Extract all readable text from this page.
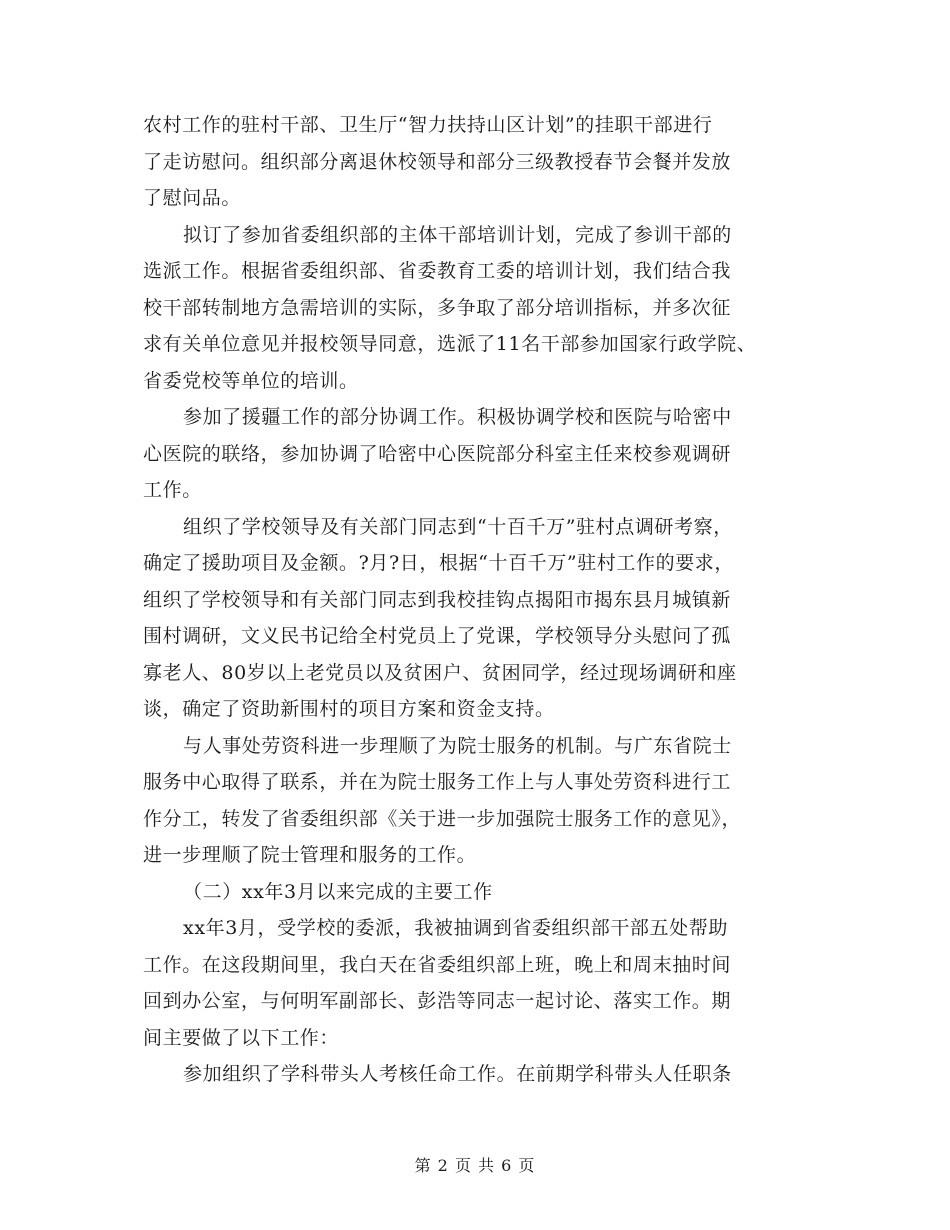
农村工作的驻村干部、卫生厅“智力扶持山区计划”的挂职干部进行
了走访慰问。组织部分离退休校领导和部分三级教授春节会餐并发放
了慰问品。
拟订了参加省委组织部的主体干部培训计划，完成了参训干部的
选派工作。根据省委组织部、省委教育工委的培训计划，我们结合我
校干部转制地方急需培训的实际，多争取了部分培训指标，并多次征
求有关单位意见并报校领导同意，选派了11名干部参加国家行政学院、
省委党校等单位的培训。
参加了援疆工作的部分协调工作。积极协调学校和医院与哈密中
心医院的联络，参加协调了哈密中心医院部分科室主任来校参观调研
工作。
组织了学校领导及有关部门同志到“十百千万”驻村点调研考察，
确定了援助项目及金额。?月?日，根据“十百千万”驻村工作的要求，
组织了学校领导和有关部门同志到我校挂钩点揭阳市揭东县月城镇新
围村调研，文义民书记给全村党员上了党课，学校领导分头慰问了孤
寡老人、80岁以上老党员以及贫困户、贫困同学，经过现场调研和座
谈，确定了资助新围村的项目方案和资金支持。
与人事处劳资科进一步理顺了为院士服务的机制。与广东省院士
服务中心取得了联系，并在为院士服务工作上与人事处劳资科进行工
作分工，转发了省委组织部《关于进一步加强院士服务工作的意见》，
进一步理顺了院士管理和服务的工作。
（二）xx年3月以来完成的主要工作
xx年3月，受学校的委派，我被抽调到省委组织部干部五处帮助
工作。在这段期间里，我白天在省委组织部上班，晚上和周末抽时间
回到办公室，与何明军副部长、彭浩等同志一起讨论、落实工作。期
间主要做了以下工作：
参加组织了学科带头人考核任命工作。在前期学科带头人任职条
第 2 页 共 6 页
